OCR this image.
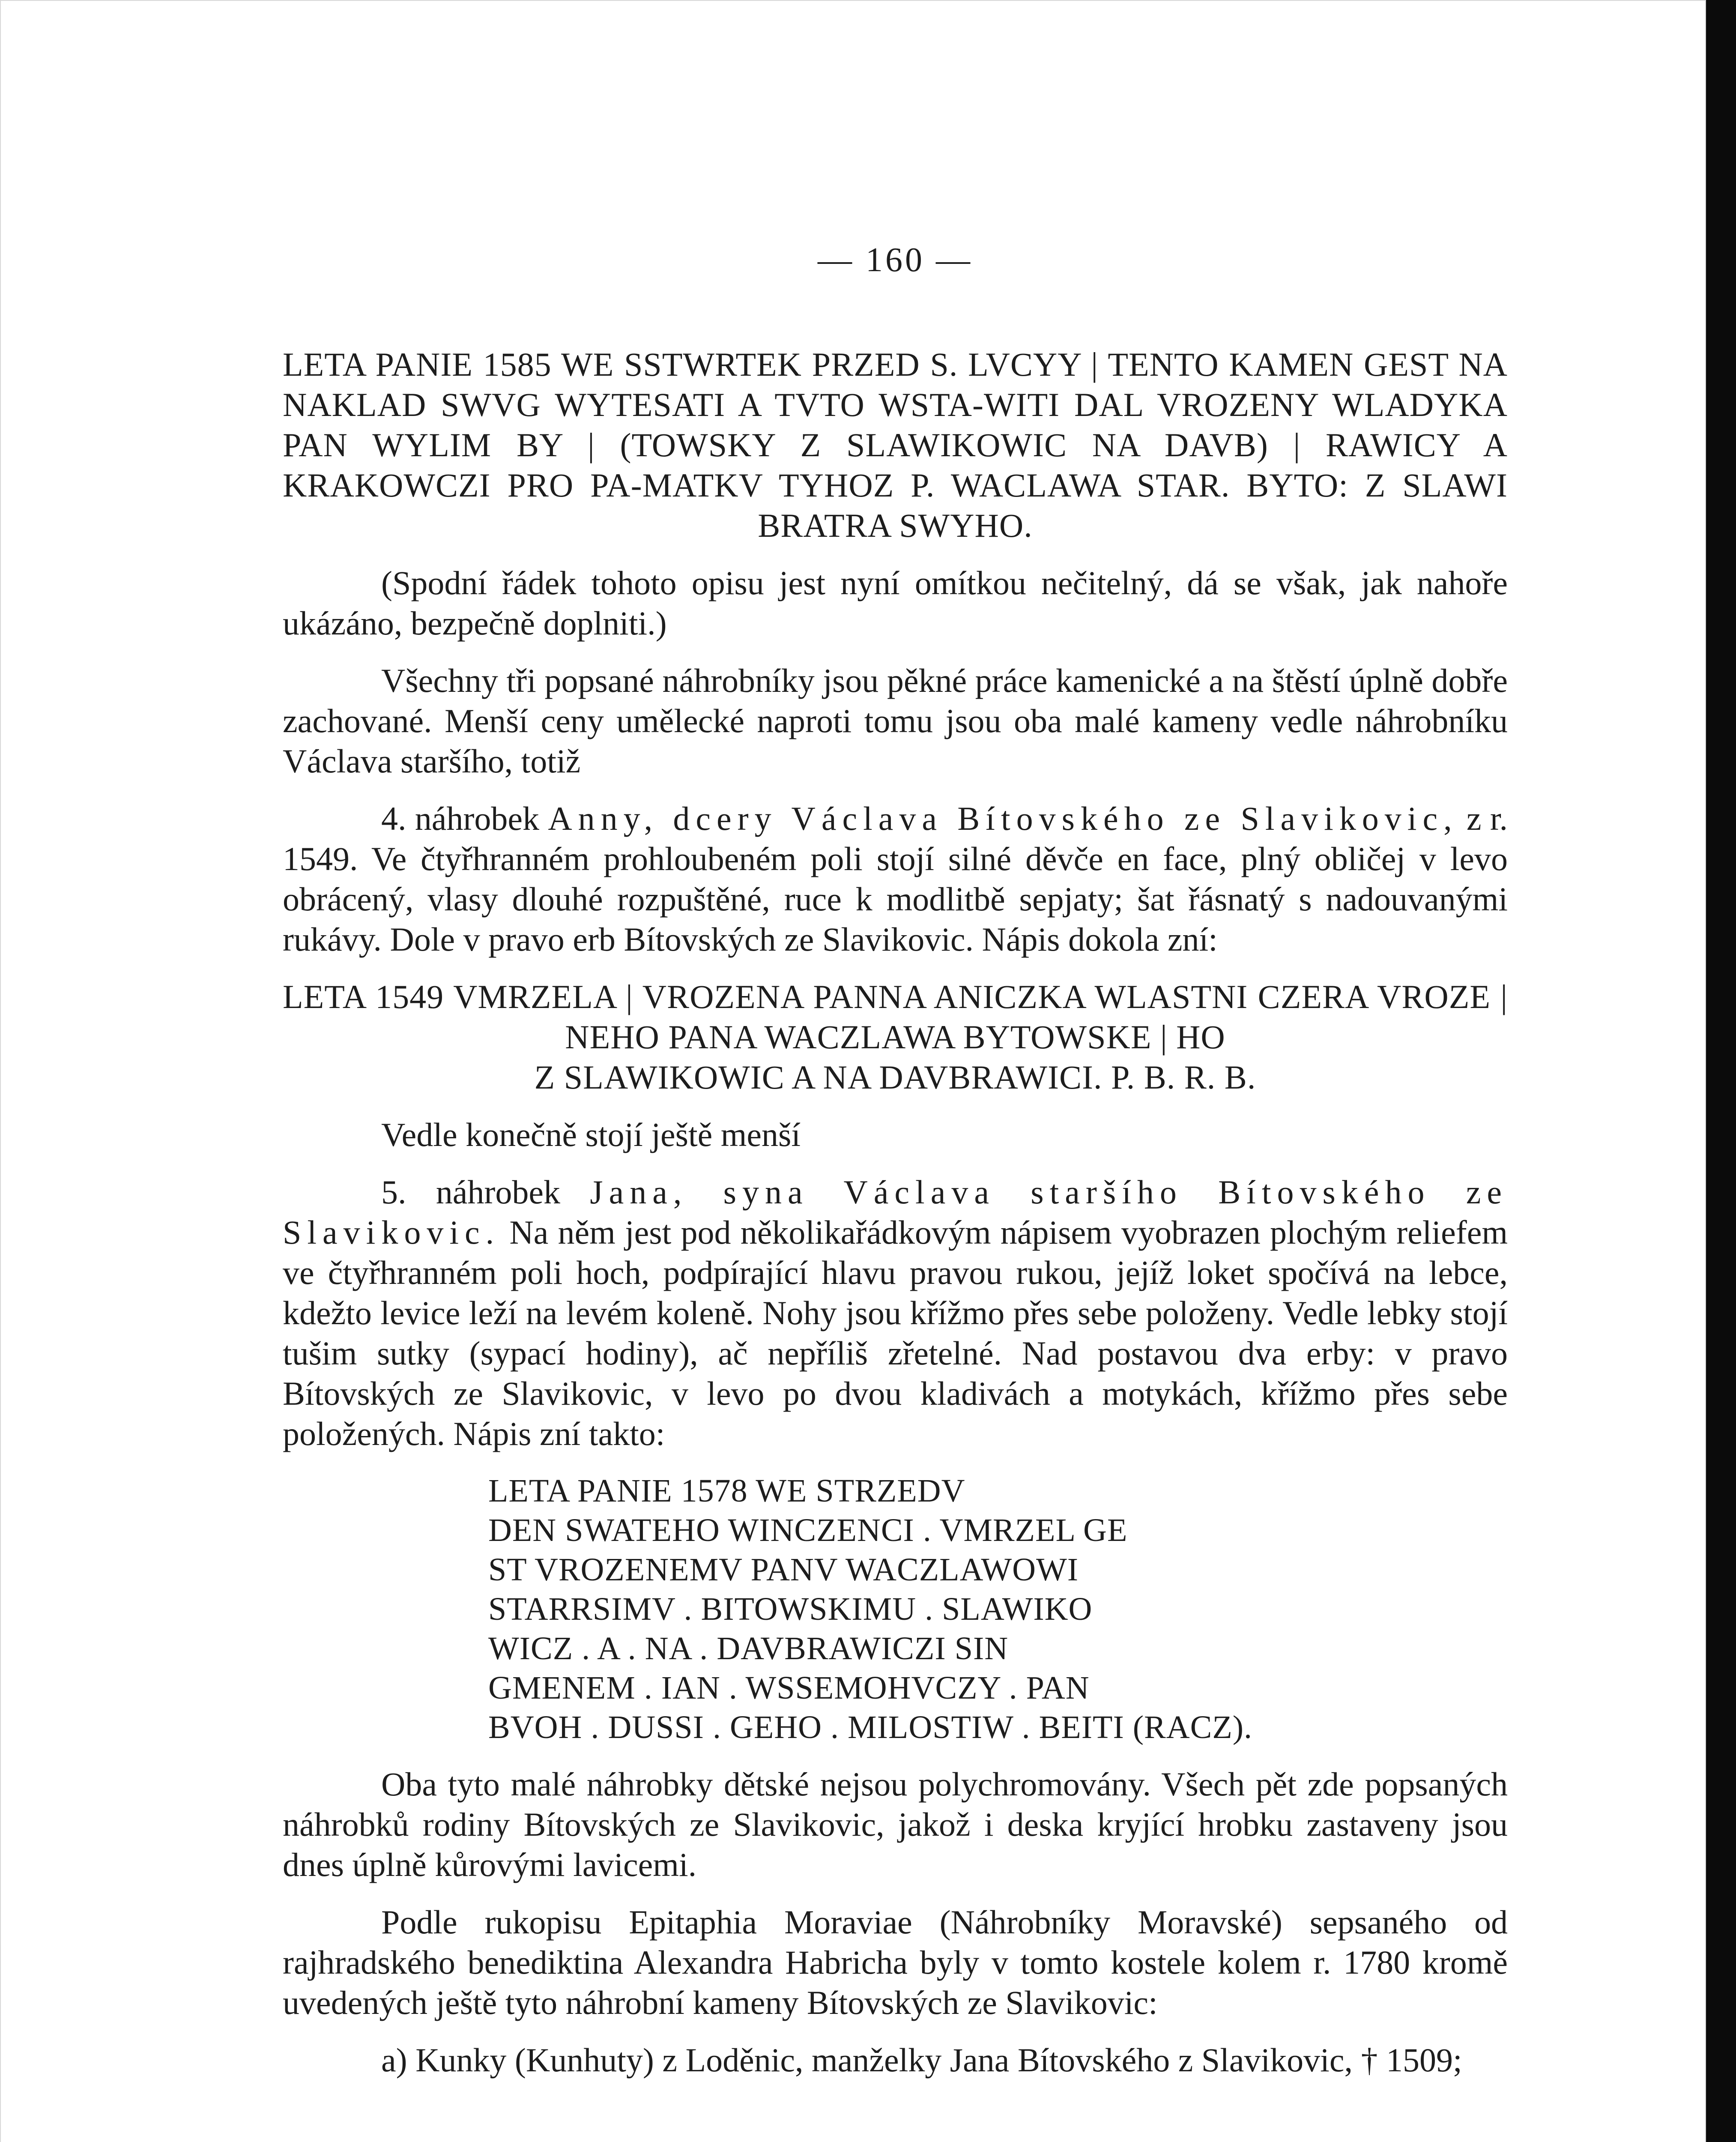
— 160 —

LETA PANIE 1585 WE SSTWRTEK PRZED S. LVCYY | TENTO KAMEN GEST NA NAKLAD SWVG WYTESATI A TVTO WSTA-WITI DAL VROZENY WLADYKA PAN WYLIM BY | (TOWSKY Z SLAWIKOWIC NA DAVB) | RAWICY A KRAKOWCZI PRO PA-MATKV TYHOZ P. WACLAWA STAR. BYTO: Z SLAWI BRATRA SWYHO.

(Spodní řádek tohoto opisu jest nyní omítkou nečitelný, dá se však, jak nahoře ukázáno, bezpečně doplniti.)

Všechny tři popsané náhrobníky jsou pěkné práce kamenické a na štěstí úplně dobře zachované. Menší ceny umělecké naproti tomu jsou oba malé kameny vedle náhrobníku Václava staršího, totiž

4. náhrobek Anny, dcery Václava Bítovského ze Slavikovic, z r. 1549. Ve čtyřhranném prohloubeném poli stojí silné děvče en face, plný obličej v levo obrácený, vlasy dlouhé rozpuštěné, ruce k modlitbě sepjaty; šat řásnatý s nadouvanými rukávy. Dole v pravo erb Bítovských ze Slavikovic. Nápis dokola zní:

LETA 1549 VMRZELA | VROZENA PANNA ANICZKA WLASTNI CZERA VROZE | NEHO PANA WACZLAWA BYTOWSKE | HO
Z SLAWIKOWIC A NA DAVBRAWICI. P. B. R. B.

Vedle konečně stojí ještě menší

5. náhrobek Jana, syna Václava staršího Bítovského ze Slavikovic. Na něm jest pod několikařádkovým nápisem vyobrazen plochým reliefem ve čtyřhranném poli hoch, podpírající hlavu pravou rukou, jejíž loket spočívá na lebce, kdežto levice leží na levém koleně. Nohy jsou křížmo přes sebe položeny. Vedle lebky stojí tušim sutky (sypací hodiny), ač nepříliš zřetelné. Nad postavou dva erby: v pravo Bítovských ze Slavikovic, v levo po dvou kladivách a motykách, křížmo přes sebe položených. Nápis zní takto:

LETA PANIE 1578 WE STRZEDV
DEN SWATEHO WINCZENCI . VMRZEL GE
ST VROZENEMV PANV WACZLAWOWI
STARRSIMV . BITOWSKIMU . SLAWIKO
WICZ . A . NA . DAVBRAWICZI SIN
GMENEM . IAN . WSSEMOHVCZY . PAN
BVOH . DUSSI . GEHO . MILOSTIW . BEITI (RACZ).

Oba tyto malé náhrobky dětské nejsou polychromovány. Všech pět zde popsaných náhrobků rodiny Bítovských ze Slavikovic, jakož i deska kryjící hrobku zastaveny jsou dnes úplně kůrovými lavicemi.

Podle rukopisu Epitaphia Moraviae (Náhrobníky Moravské) sepsaného od rajhradského benediktina Alexandra Habricha byly v tomto kostele kolem r. 1780 kromě uvedených ještě tyto náhrobní kameny Bítovských ze Slavikovic:

a) Kunky (Kunhuty) z Loděnic, manželky Jana Bítovského z Slavikovic, † 1509;
